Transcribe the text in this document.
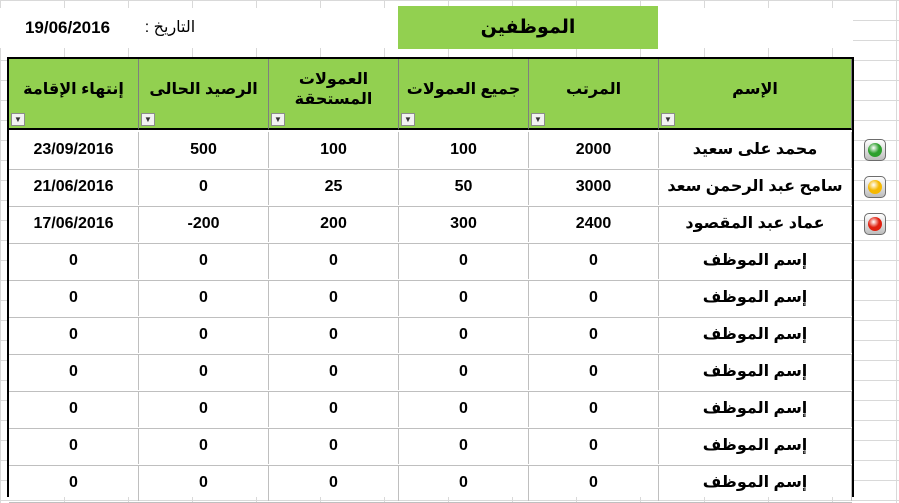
19/06/2016	التاريخ :	الموظفين
الإسم
▼
المرتب
▼
جميع العمولات
▼
العمولات المستحقة
▼
الرصيد الحالى
▼
إنتهاء الإقامة
▼
محمد على سعيد
2000
100
100
500
23/09/2016
سامح عبد الرحمن سعد
3000
50
25
0
21/06/2016
عماد عبد المقصود
2400
300
200
-200
17/06/2016
إسم الموظف
0
0
0
0
0
إسم الموظف
0
0
0
0
0
إسم الموظف
0
0
0
0
0
إسم الموظف
0
0
0
0
0
إسم الموظف
0
0
0
0
0
إسم الموظف
0
0
0
0
0
إسم الموظف
0
0
0
0
0
